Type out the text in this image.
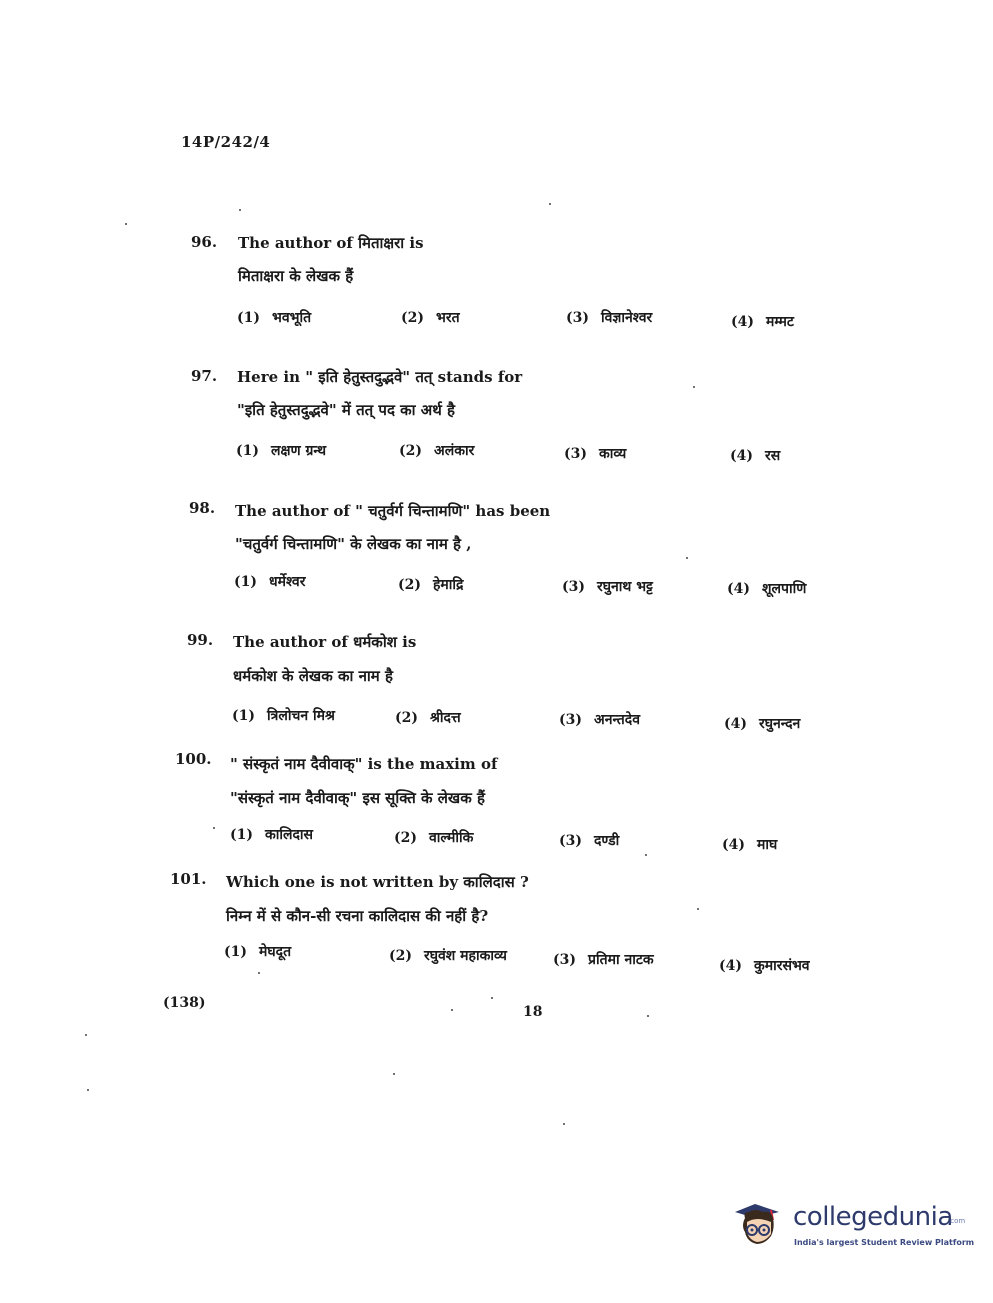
14P/242/4
96. The author of मिताक्षरा is
मिताक्षरा के लेखक हैं
(1) भवभूति	(2) भरत	(3) विज्ञानेश्वर	(4) मम्मट
97. Here in " इति हेतुस्तदुद्भवे" तत् stands for
"इति हेतुस्तदुद्भवे" में तत् पद का अर्थ है
(1) लक्षण ग्रन्थ	(2) अलंकार	(3) काव्य	(4) रस
98. The author of " चतुर्वर्ग चिन्तामणि" has been
"चतुर्वर्ग चिन्तामणि" के लेखक का नाम है ,
(1) धर्मेश्वर	(2) हेमाद्रि	(3) रघुनाथ भट्ट	(4) शूलपाणि
99. The author of धर्मकोश is
धर्मकोश के लेखक का नाम है
(1) त्रिलोचन मिश्र	(2) श्रीदत्त	(3) अनन्तदेव	(4) रघुनन्दन
100. " संस्कृतं नाम दैवीवाक्" is the maxim of
"संस्कृतं नाम दैवीवाक्" इस सूक्ति के लेखक हैं
(1) कालिदास	(2) वाल्मीकि	(3) दण्डी	(4) माघ
101. Which one is not written by कालिदास ?
निम्न में से कौन-सी रचना कालिदास की नहीं है?
(1) मेघदूत	(2) रघुवंश महाकाव्य	(3) प्रतिमा नाटक	(4) कुमारसंभव
(138)
18
collegedunia
.com
India's largest Student Review Platform
